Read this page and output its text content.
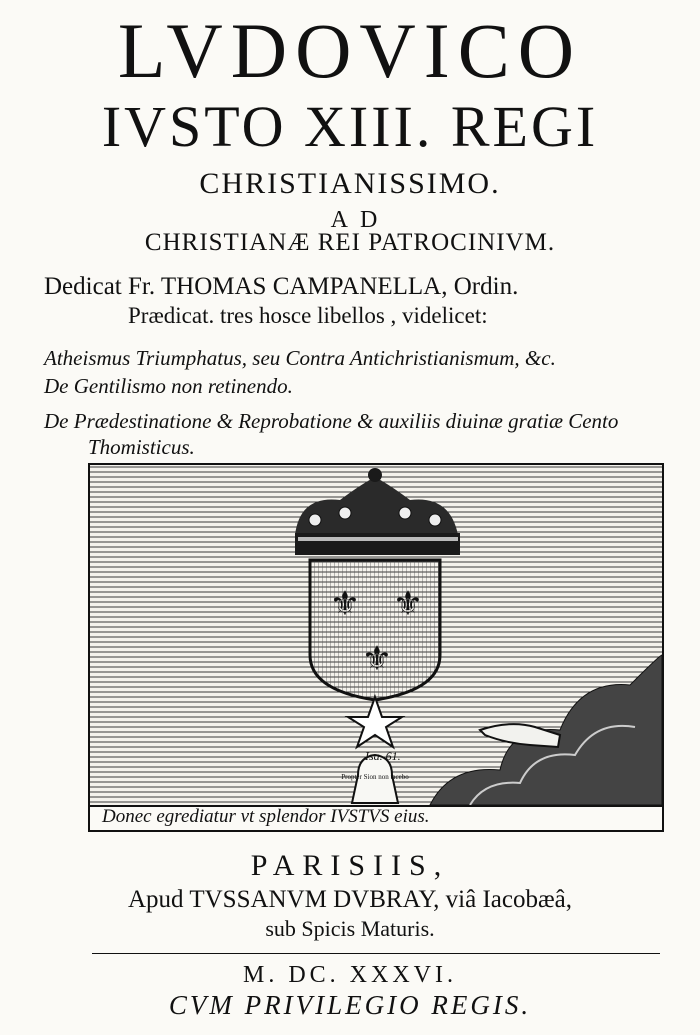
LVDOVICO
IVSTO XIII. REGI
CHRISTIANISSIMO.
AD
CHRISTIANÆ REI PATROCINIVM.
Dedicat Fr. THOMAS CAMPANELLA, Ordin.
Prædicat. tres hosce libellos , videlicet:
Atheismus Triumphatus, seu Contra Antichristianismum, &c.
De Gentilismo non retinendo.
De Prædestinatione & Reprobatione & auxiliis diuinæ gratiæ Cento
Thomisticus.
⚜ ⚜
⚜
Propter Sion non tacebo
Isa. 61.
Donec egrediatur vt splendor IVSTVS eius.
PARISIIS,
Apud TVSSANVM DVBRAY, viâ Iacobæâ,
sub Spicis Maturis.
M. DC. XXXVI.
CVM PRIVILEGIO REGIS.
